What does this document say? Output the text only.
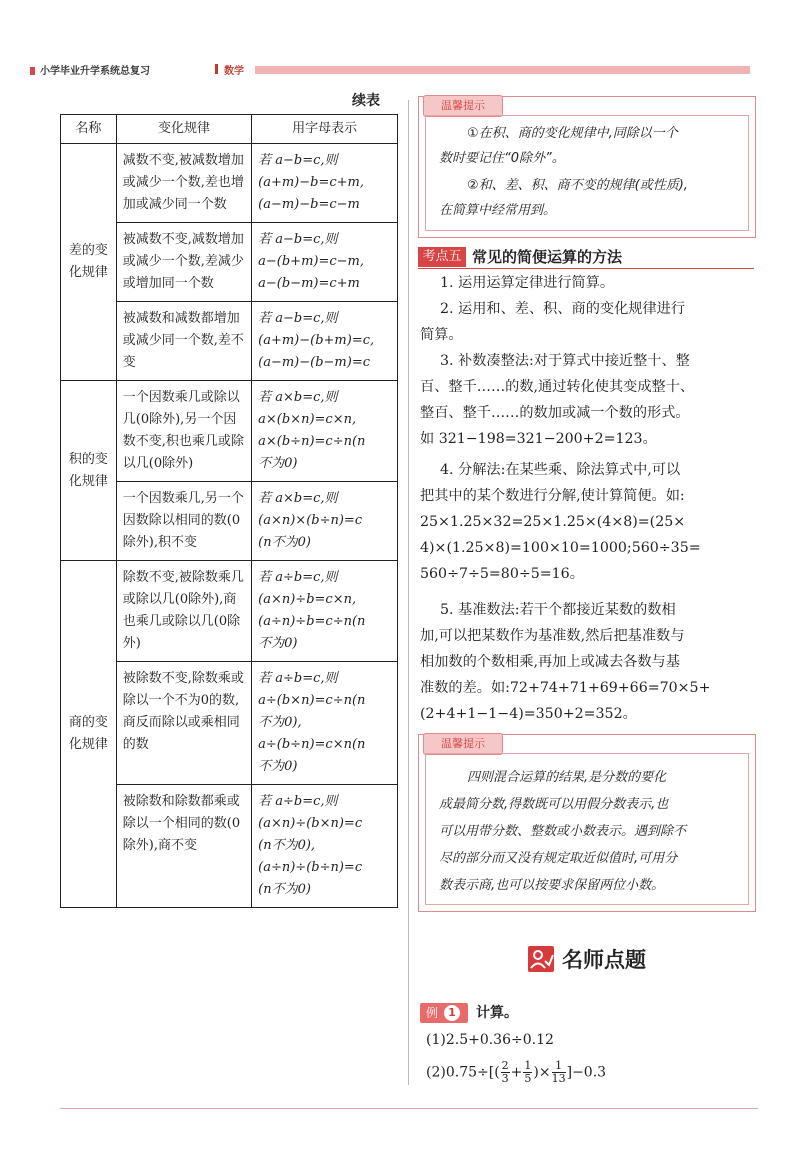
小学毕业升学系统总复习	数学
续表
名称	变化规律	用字母表示
差的变化规律	减数不变,被减数增加或减少一个数,差也增加或减少同一个数	若 a−b=c,则
(a+m)−b=c+m,
(a−m)−b=c−m

	被减数不变,减数增加或减少一个数,差减少或增加同一个数	若 a−b=c,则
a−(b+m)=c−m,
a−(b−m)=c+m

	被减数和减数都增加或减少同一个数,差不变	若 a−b=c,则
(a+m)−(b+m)=c,
(a−m)−(b−m)=c

积的变化规律	一个因数乘几或除以几(0除外),另一个因数不变,积也乘几或除以几(0除外)	若 a×b=c,则
a×(b×n)=c×n,
a×(b÷n)=c÷n(n
不为0)

	一个因数乘几,另一个因数除以相同的数(0除外),积不变	若 a×b=c,则
(a×n)×(b÷n)=c
(n不为0)

商的变化规律	除数不变,被除数乘几或除以几(0除外),商也乘几或除以几(0除外)	若 a÷b=c,则
(a×n)÷b=c×n,
(a÷n)÷b=c÷n(n
不为0)

	被除数不变,除数乘或除以一个不为0的数,商反而除以或乘相同的数	若 a÷b=c,则
a÷(b×n)=c÷n(n
不为0),
a÷(b÷n)=c×n(n
不为0)

	被除数和除数都乘或除以一个相同的数(0除外),商不变	若 a÷b=c,则
(a×n)÷(b×n)=c
(n不为0),
(a÷n)÷(b÷n)=c
(n不为0)
温馨提示
①在积、商的变化规律中,同除以一个
数时要记住“0除外”。
②和、差、积、商不变的规律(或性质),
在简算中经常用到。
考点五 常见的简便运算的方法
1. 运用运算定律进行简算。
2. 运用和、差、积、商的变化规律进行
简算。
3. 补数凑整法:对于算式中接近整十、整
百、整千……的数,通过转化使其变成整十、
整百、整千……的数加或减一个数的形式。
如 321−198=321−200+2=123。
4. 分解法:在某些乘、除法算式中,可以
把其中的某个数进行分解,使计算简便。如:
25×1.25×32=25×1.25×(4×8)=(25×
4)×(1.25×8)=100×10=1000;560÷35=
560÷7÷5=80÷5=16。
5. 基准数法:若干个都接近某数的数相
加,可以把某数作为基准数,然后把基准数与
相加数的个数相乘,再加上或减去各数与基
准数的差。如:72+74+71+69+66=70×5+
(2+4+1−1−4)=350+2=352。
温馨提示
四则混合运算的结果,是分数的要化
成最简分数,得数既可以用假分数表示,也
可以用带分数、整数或小数表示。遇到除不
尽的部分而又没有规定取近似值时,可用分
数表示商,也可以按要求保留两位小数。
名师点题
例 1 计算。
(1)2.5+0.36÷0.12
$(2)0.75\div[( \frac{2}{3} + \frac{1}{5}$ )× $\frac{1}{13} ]-0.3$
